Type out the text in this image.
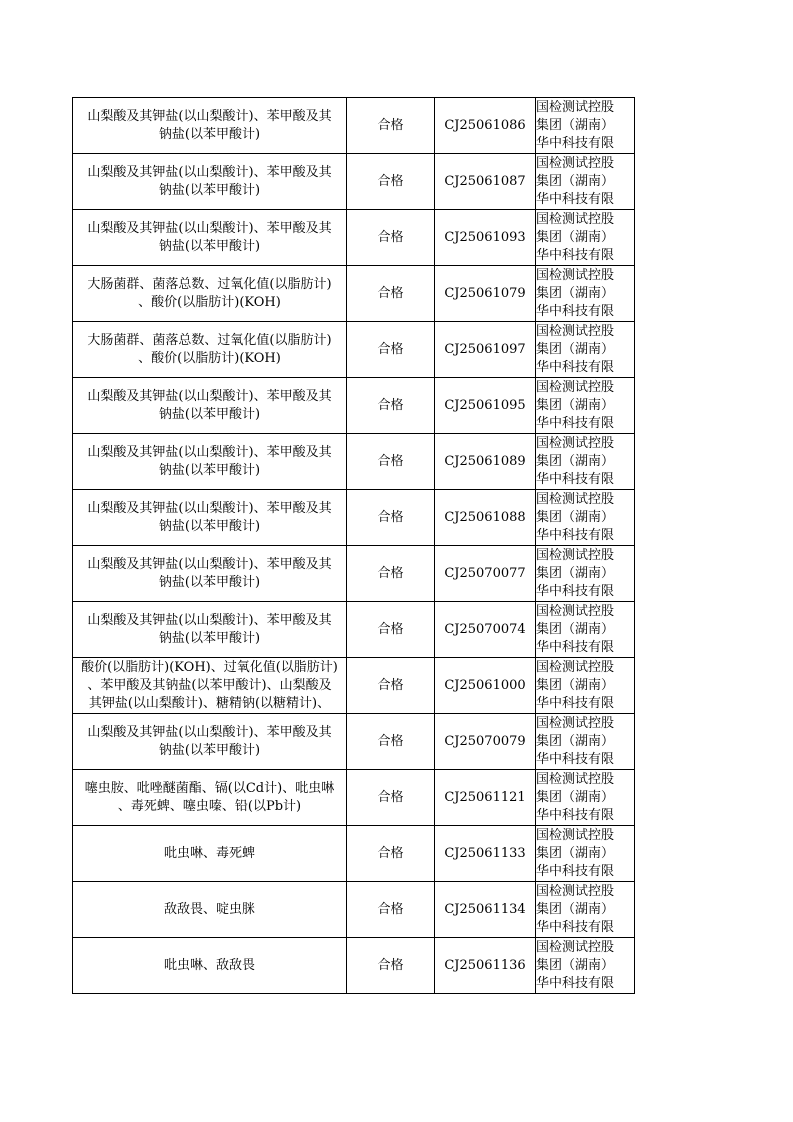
山梨酸及其钾盐(以山梨酸计)、苯甲酸及其
钠盐(以苯甲酸计)	合格	CJ25061086	国检测试控股
集团（湖南）
华中科技有限

山梨酸及其钾盐(以山梨酸计)、苯甲酸及其
钠盐(以苯甲酸计)	合格	CJ25061087	国检测试控股
集团（湖南）
华中科技有限

山梨酸及其钾盐(以山梨酸计)、苯甲酸及其
钠盐(以苯甲酸计)	合格	CJ25061093	国检测试控股
集团（湖南）
华中科技有限

大肠菌群、菌落总数、过氧化值(以脂肪计)
、酸价(以脂肪计)(KOH)	合格	CJ25061079	国检测试控股
集团（湖南）
华中科技有限

大肠菌群、菌落总数、过氧化值(以脂肪计)
、酸价(以脂肪计)(KOH)	合格	CJ25061097	国检测试控股
集团（湖南）
华中科技有限

山梨酸及其钾盐(以山梨酸计)、苯甲酸及其
钠盐(以苯甲酸计)	合格	CJ25061095	国检测试控股
集团（湖南）
华中科技有限

山梨酸及其钾盐(以山梨酸计)、苯甲酸及其
钠盐(以苯甲酸计)	合格	CJ25061089	国检测试控股
集团（湖南）
华中科技有限

山梨酸及其钾盐(以山梨酸计)、苯甲酸及其
钠盐(以苯甲酸计)	合格	CJ25061088	国检测试控股
集团（湖南）
华中科技有限

山梨酸及其钾盐(以山梨酸计)、苯甲酸及其
钠盐(以苯甲酸计)	合格	CJ25070077	国检测试控股
集团（湖南）
华中科技有限

山梨酸及其钾盐(以山梨酸计)、苯甲酸及其
钠盐(以苯甲酸计)	合格	CJ25070074	国检测试控股
集团（湖南）
华中科技有限

酸价(以脂肪计)(KOH)、过氧化值(以脂肪计)
、苯甲酸及其钠盐(以苯甲酸计)、山梨酸及
其钾盐(以山梨酸计)、糖精钠(以糖精计)、	合格	CJ25061000	国检测试控股
集团（湖南）
华中科技有限

山梨酸及其钾盐(以山梨酸计)、苯甲酸及其
钠盐(以苯甲酸计)	合格	CJ25070079	国检测试控股
集团（湖南）
华中科技有限

噻虫胺、吡唑醚菌酯、镉(以Cd计)、吡虫啉
、毒死蜱、噻虫嗪、铅(以Pb计)	合格	CJ25061121	国检测试控股
集团（湖南）
华中科技有限

吡虫啉、毒死蜱	合格	CJ25061133	国检测试控股
集团（湖南）
华中科技有限

敌敌畏、啶虫脒	合格	CJ25061134	国检测试控股
集团（湖南）
华中科技有限

吡虫啉、敌敌畏	合格	CJ25061136	国检测试控股
集团（湖南）
华中科技有限
